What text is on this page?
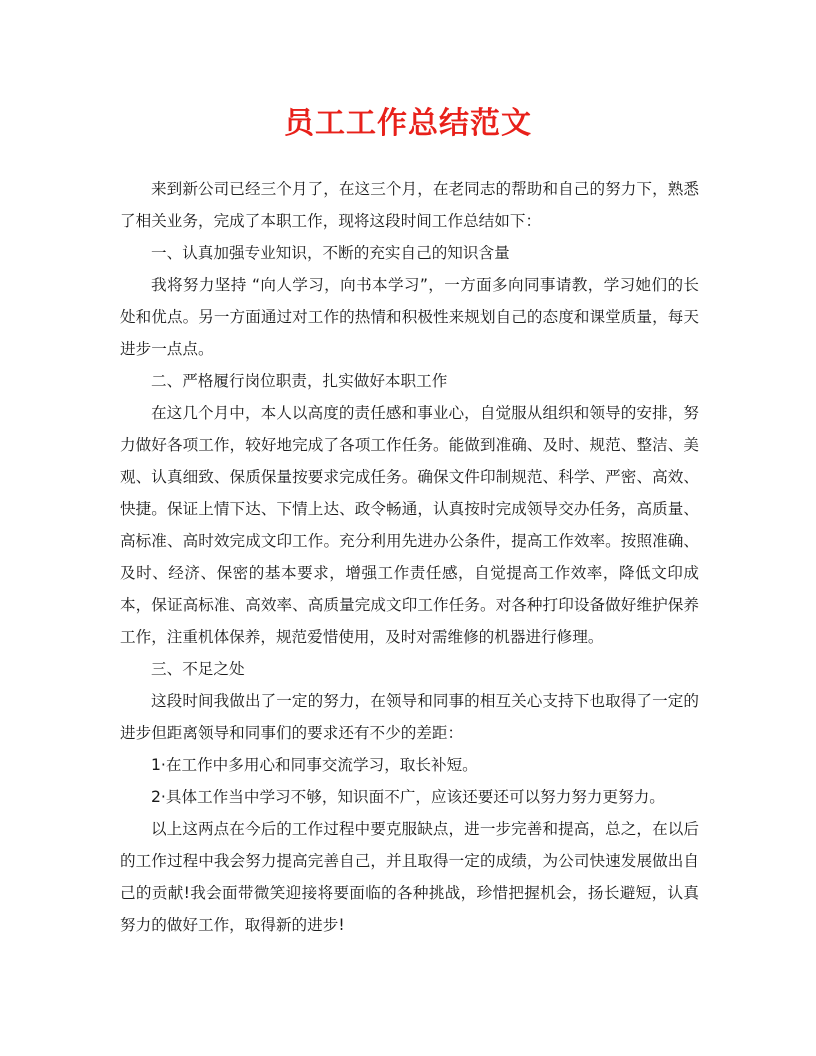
员工工作总结范文

来到新公司已经三个月了，在这三个月，在老同志的帮助和自己的努力下，熟悉了相关业务，完成了本职工作，现将这段时间工作总结如下：

一、认真加强专业知识，不断的充实自己的知识含量

我将努力坚持 “向人学习，向书本学习”，一方面多向同事请教，学习她们的长处和优点。另一方面通过对工作的热情和积极性来规划自己的态度和课堂质量，每天进步一点点。

二、严格履行岗位职责，扎实做好本职工作

在这几个月中，本人以高度的责任感和事业心，自觉服从组织和领导的安排，努力做好各项工作，较好地完成了各项工作任务。能做到准确、及时、规范、整洁、美观、认真细致、保质保量按要求完成任务。确保文件印制规范、科学、严密、高效、快捷。保证上情下达、下情上达、政令畅通，认真按时完成领导交办任务，高质量、高标准、高时效完成文印工作。充分利用先进办公条件，提高工作效率。按照准确、及时、经济、保密的基本要求，增强工作责任感，自觉提高工作效率，降低文印成本，保证高标准、高效率、高质量完成文印工作任务。对各种打印设备做好维护保养工作，注重机体保养，规范爱惜使用，及时对需维修的机器进行修理。

三、不足之处

这段时间我做出了一定的努力，在领导和同事的相互关心支持下也取得了一定的进步但距离领导和同事们的要求还有不少的差距：

1·在工作中多用心和同事交流学习，取长补短。

2·具体工作当中学习不够，知识面不广，应该还要还可以努力努力更努力。

以上这两点在今后的工作过程中要克服缺点，进一步完善和提高，总之，在以后的工作过程中我会努力提高完善自己，并且取得一定的成绩，为公司快速发展做出自己的贡献!我会面带微笑迎接将要面临的各种挑战，珍惜把握机会，扬长避短，认真努力的做好工作，取得新的进步!
